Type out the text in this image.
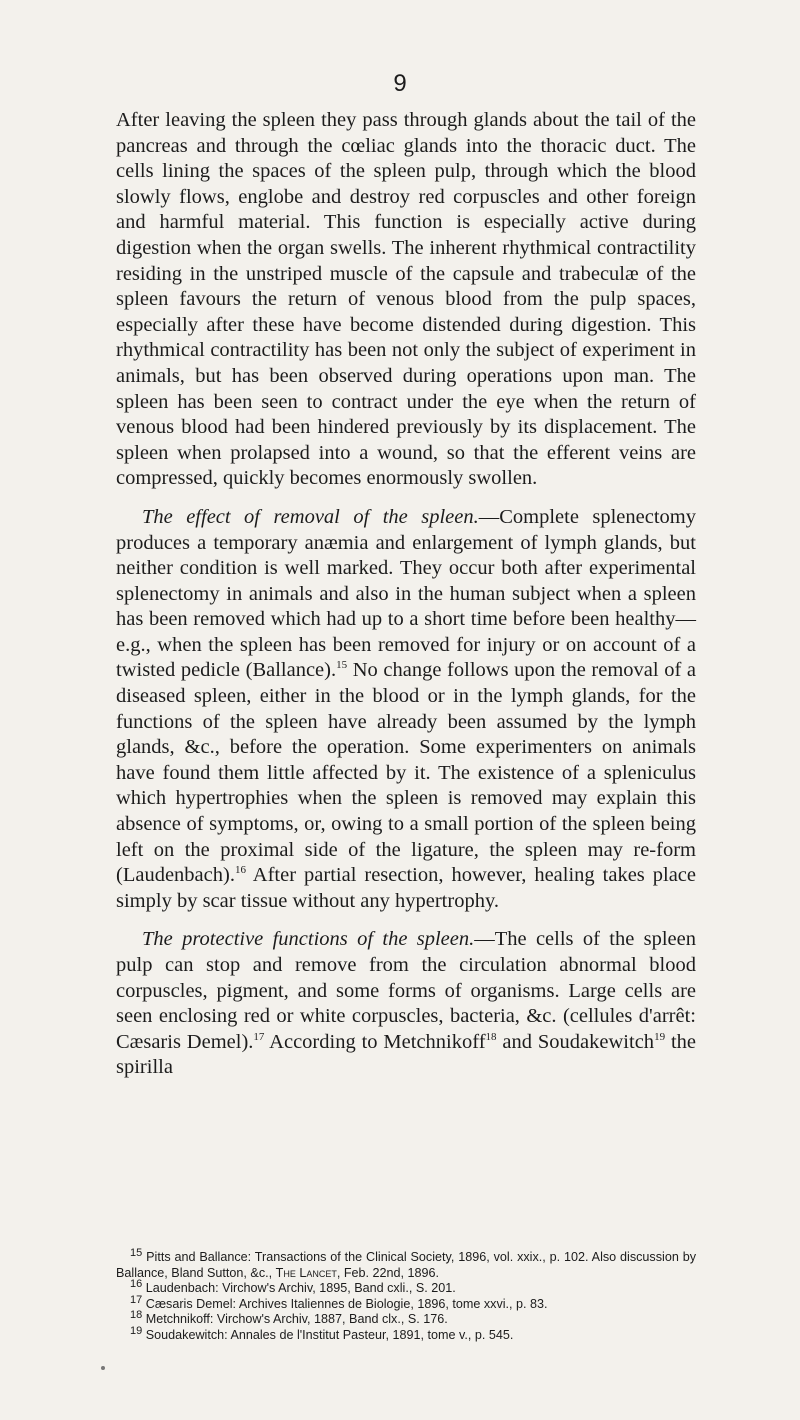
9

After leaving the spleen they pass through glands about the tail of the pancreas and through the cœliac glands into the thoracic duct. The cells lining the spaces of the spleen pulp, through which the blood slowly flows, englobe and destroy red corpuscles and other foreign and harmful material. This function is especially active during digestion when the organ swells. The inherent rhythmical contractility residing in the unstriped muscle of the capsule and trabeculæ of the spleen favours the return of venous blood from the pulp spaces, especially after these have become distended during digestion. This rhythmical contractility has been not only the subject of experiment in animals, but has been observed during operations upon man. The spleen has been seen to contract under the eye when the return of venous blood had been hindered previously by its displacement. The spleen when prolapsed into a wound, so that the efferent veins are compressed, quickly becomes enormously swollen.

The effect of removal of the spleen.—Complete splenectomy produces a temporary anæmia and enlargement of lymph glands, but neither condition is well marked. They occur both after experimental splenectomy in animals and also in the human subject when a spleen has been removed which had up to a short time before been healthy—e.g., when the spleen has been removed for injury or on account of a twisted pedicle (Ballance).$^{15}$ No change follows upon the removal of a diseased spleen, either in the blood or in the lymph glands, for the functions of the spleen have already been assumed by the lymph glands, &c., before the operation. Some experimenters on animals have found them little affected by it. The existence of a spleniculus which hypertrophies when the spleen is removed may explain this absence of symptoms, or, owing to a small portion of the spleen being left on the proximal side of the ligature, the spleen may re-form (Laudenbach).$^{16}$ After partial resection, however, healing takes place simply by scar tissue without any hypertrophy.

The protective functions of the spleen.—The cells of the spleen pulp can stop and remove from the circulation abnormal blood corpuscles, pigment, and some forms of organisms. Large cells are seen enclosing red or white corpuscles, bacteria, &c. (cellules d'arrêt: Cæsaris Demel).$^{17}$ According to Metchnikoff$^{18}$ and Soudakewitch$^{19}$ the spirilla

$^{15}$ Pitts and Ballance: Transactions of the Clinical Society, 1896, vol. xxix., p. 102. Also discussion by Ballance, Bland Sutton, &c., The Lancet, Feb. 22nd, 1896.

$^{16}$ Laudenbach: Virchow's Archiv, 1895, Band cxli., S. 201.

$^{17}$ Cæsaris Demel: Archives Italiennes de Biologie, 1896, tome xxvi., p. 83.

$^{18}$ Metchnikoff: Virchow's Archiv, 1887, Band clx., S. 176.

$^{19}$ Soudakewitch: Annales de l'Institut Pasteur, 1891, tome v., p. 545.
